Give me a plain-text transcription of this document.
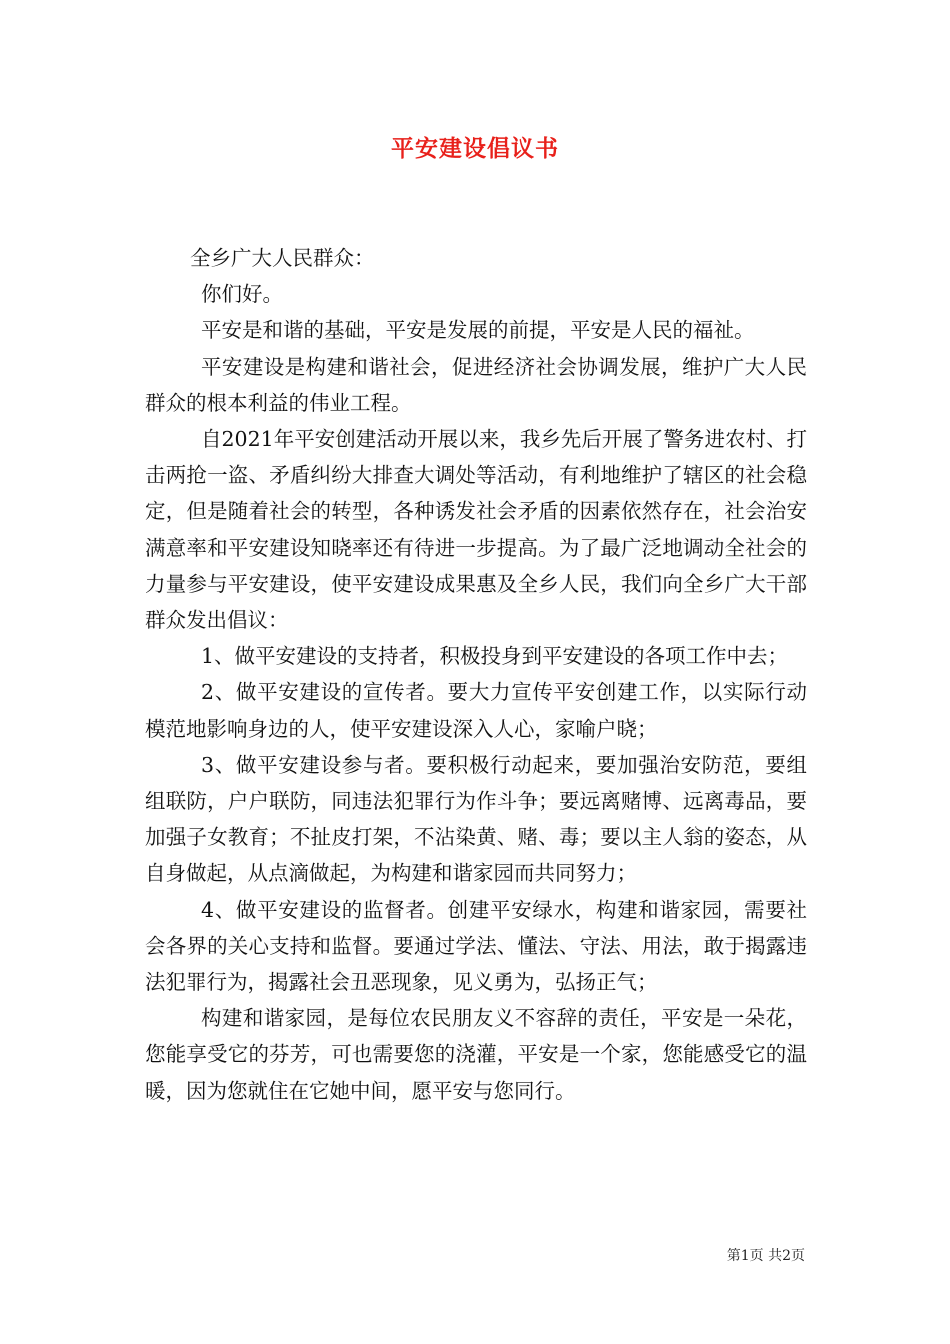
平安建设倡议书

全乡广大人民群众：

你们好。

平安是和谐的基础，平安是发展的前提，平安是人民的福祉。

平安建设是构建和谐社会，促进经济社会协调发展，维护广大人民群众的根本利益的伟业工程。

自2021年平安创建活动开展以来，我乡先后开展了警务进农村、打击两抢一盗、矛盾纠纷大排查大调处等活动，有利地维护了辖区的社会稳定，但是随着社会的转型，各种诱发社会矛盾的因素依然存在，社会治安满意率和平安建设知晓率还有待进一步提高。为了最广泛地调动全社会的力量参与平安建设，使平安建设成果惠及全乡人民，我们向全乡广大干部群众发出倡议：

1、做平安建设的支持者，积极投身到平安建设的各项工作中去；

2、做平安建设的宣传者。要大力宣传平安创建工作，以实际行动模范地影响身边的人，使平安建设深入人心，家喻户晓；

3、做平安建设参与者。要积极行动起来，要加强治安防范，要组组联防，户户联防，同违法犯罪行为作斗争；要远离赌博、远离毒品，要加强子女教育；不扯皮打架，不沾染黄、赌、毒；要以主人翁的姿态，从自身做起，从点滴做起，为构建和谐家园而共同努力；

4、做平安建设的监督者。创建平安绿水，构建和谐家园，需要社会各界的关心支持和监督。要通过学法、懂法、守法、用法，敢于揭露违法犯罪行为，揭露社会丑恶现象，见义勇为，弘扬正气；

构建和谐家园，是每位农民朋友义不容辞的责任，平安是一朵花，您能享受它的芬芳，可也需要您的浇灌，平安是一个家，您能感受它的温暖，因为您就住在它她中间，愿平安与您同行。

第1页 共2页
